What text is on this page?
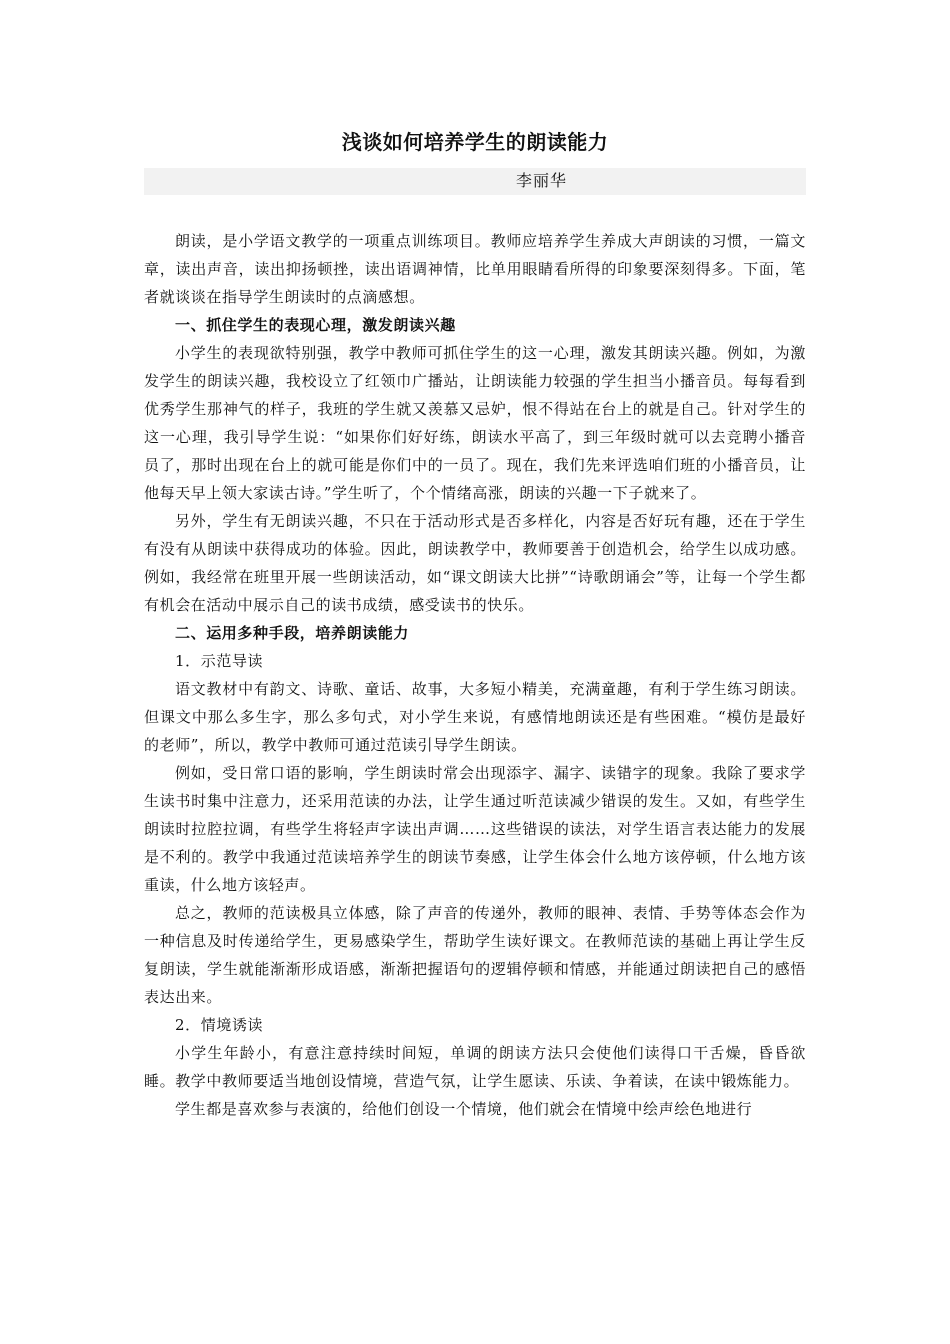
浅谈如何培养学生的朗读能力
李丽华

朗读，是小学语文教学的一项重点训练项目。教师应培养学生养成大声朗读的习惯，一篇文章，读出声音，读出抑扬顿挫，读出语调神情，比单用眼睛看所得的印象要深刻得多。下面，笔者就谈谈在指导学生朗读时的点滴感想。

一、抓住学生的表现心理，激发朗读兴趣

小学生的表现欲特别强，教学中教师可抓住学生的这一心理，激发其朗读兴趣。例如，为激发学生的朗读兴趣，我校设立了红领巾广播站，让朗读能力较强的学生担当小播音员。每每看到优秀学生那神气的样子，我班的学生就又羡慕又忌妒，恨不得站在台上的就是自己。针对学生的这一心理，我引导学生说：“如果你们好好练，朗读水平高了，到三年级时就可以去竞聘小播音员了，那时出现在台上的就可能是你们中的一员了。现在，我们先来评选咱们班的小播音员，让他每天早上领大家读古诗。”学生听了，个个情绪高涨，朗读的兴趣一下子就来了。

另外，学生有无朗读兴趣，不只在于活动形式是否多样化，内容是否好玩有趣，还在于学生有没有从朗读中获得成功的体验。因此，朗读教学中，教师要善于创造机会，给学生以成功感。例如，我经常在班里开展一些朗读活动，如“课文朗读大比拼”“诗歌朗诵会”等，让每一个学生都有机会在活动中展示自己的读书成绩，感受读书的快乐。

二、运用多种手段，培养朗读能力

1．示范导读

语文教材中有韵文、诗歌、童话、故事，大多短小精美，充满童趣，有利于学生练习朗读。但课文中那么多生字，那么多句式，对小学生来说，有感情地朗读还是有些困难。“模仿是最好的老师”，所以，教学中教师可通过范读引导学生朗读。

例如，受日常口语的影响，学生朗读时常会出现添字、漏字、读错字的现象。我除了要求学生读书时集中注意力，还采用范读的办法，让学生通过听范读减少错误的发生。又如，有些学生朗读时拉腔拉调，有些学生将轻声字读出声调……这些错误的读法，对学生语言表达能力的发展是不利的。教学中我通过范读培养学生的朗读节奏感，让学生体会什么地方该停顿，什么地方该重读，什么地方该轻声。

总之，教师的范读极具立体感，除了声音的传递外，教师的眼神、表情、手势等体态会作为一种信息及时传递给学生，更易感染学生，帮助学生读好课文。在教师范读的基础上再让学生反复朗读，学生就能渐渐形成语感，渐渐把握语句的逻辑停顿和情感，并能通过朗读把自己的感悟表达出来。

2．情境诱读

小学生年龄小，有意注意持续时间短，单调的朗读方法只会使他们读得口干舌燥，昏昏欲睡。教学中教师要适当地创设情境，营造气氛，让学生愿读、乐读、争着读，在读中锻炼能力。

学生都是喜欢参与表演的，给他们创设一个情境，他们就会在情境中绘声绘色地进行
